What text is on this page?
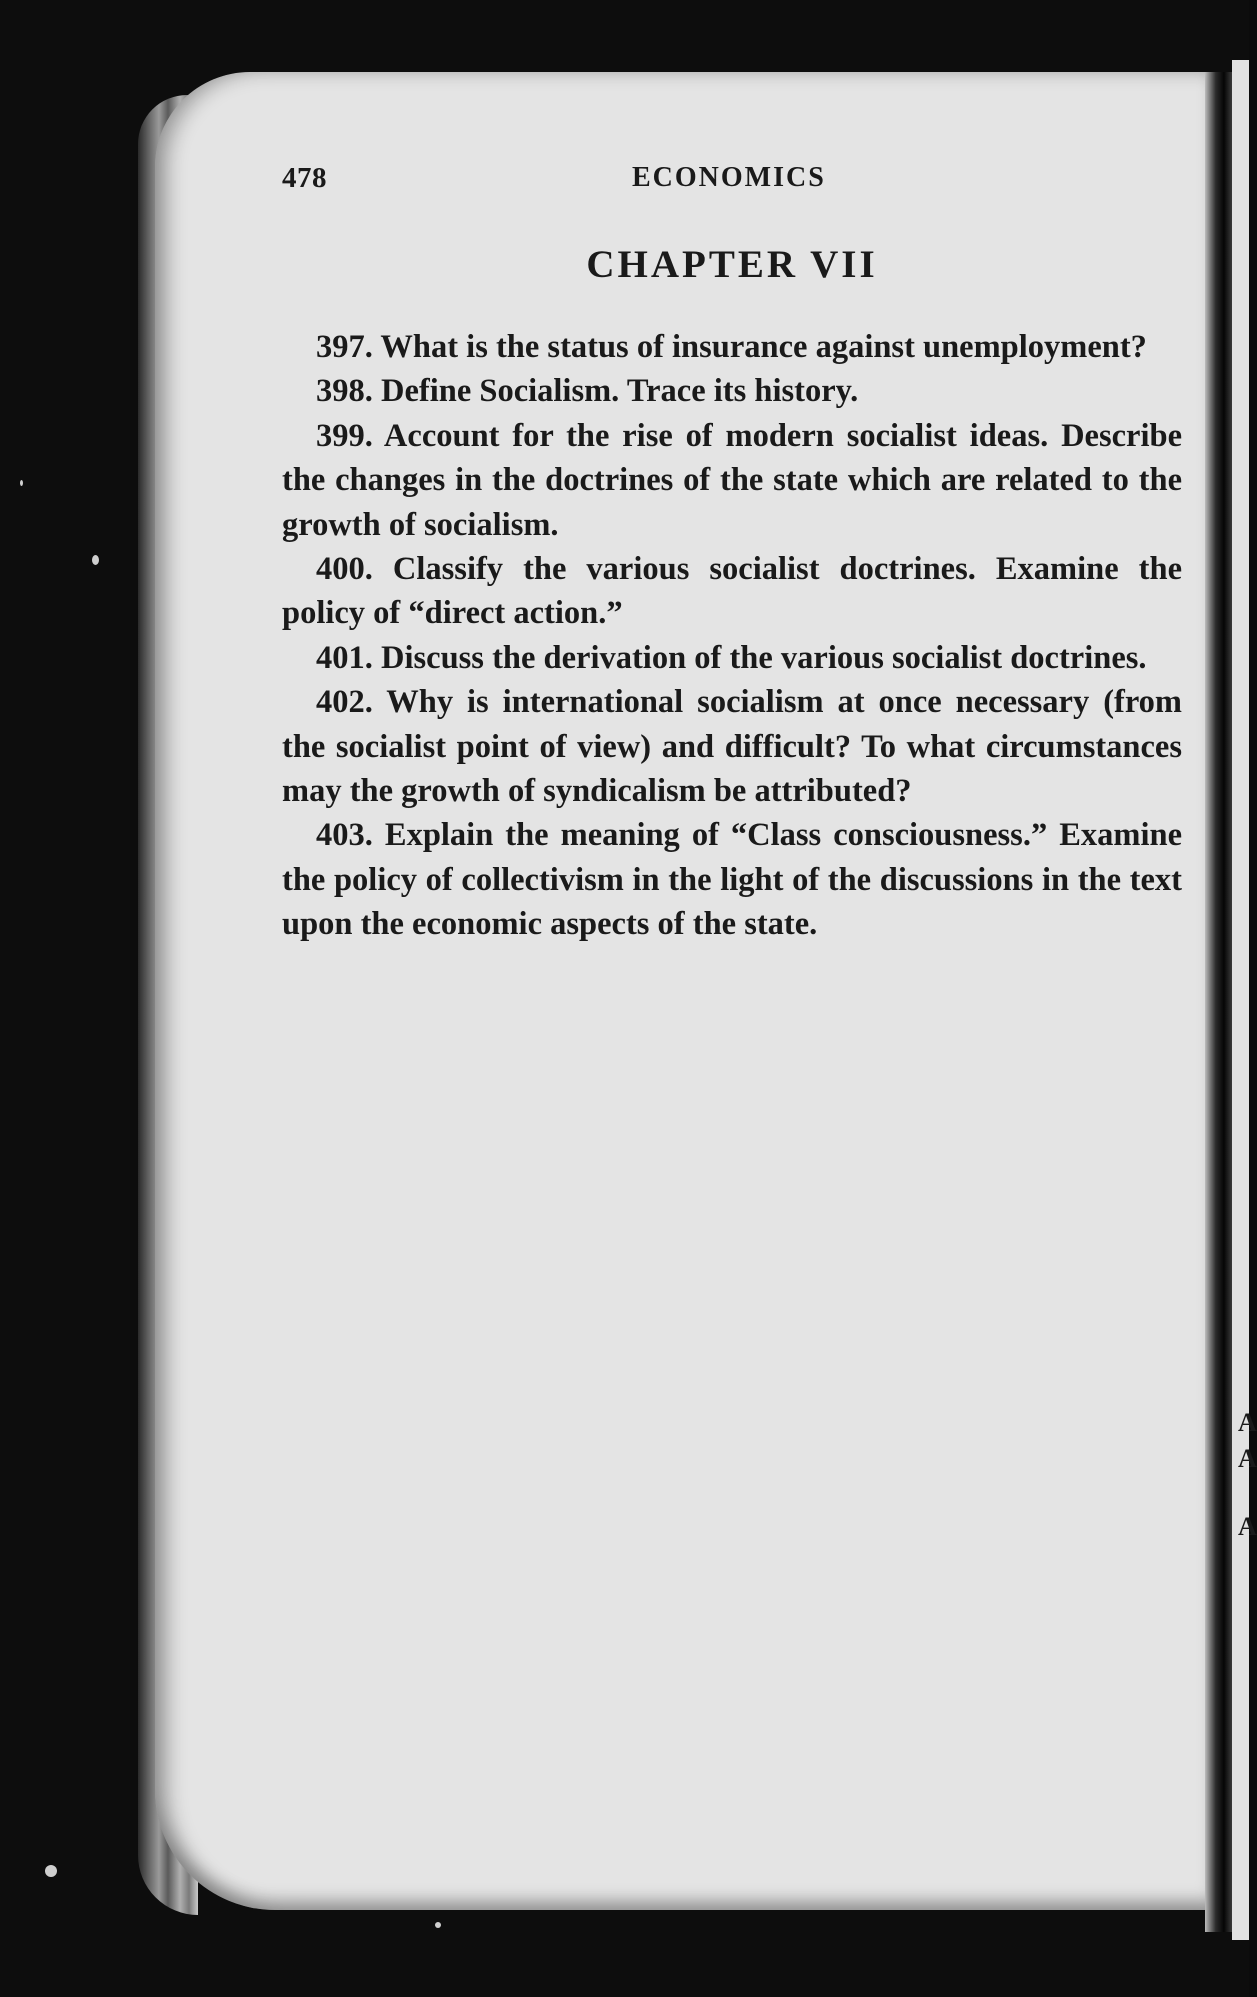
A
A
A
478	ECONOMICS
CHAPTER VII

397. What is the status of insurance against unemployment?

398. Define Socialism. Trace its history.

399. Account for the rise of modern socialist ideas. Describe the changes in the doctrines of the state which are related to the growth of socialism.

400. Classify the various socialist doctrines. Examine the policy of “direct action.”

401. Discuss the derivation of the various socialist doctrines.

402. Why is international socialism at once necessary (from the socialist point of view) and difficult? To what circumstances may the growth of syndicalism be attributed?

403. Explain the meaning of “Class consciousness.” Examine the policy of collectivism in the light of the discussions in the text upon the economic aspects of the state.
